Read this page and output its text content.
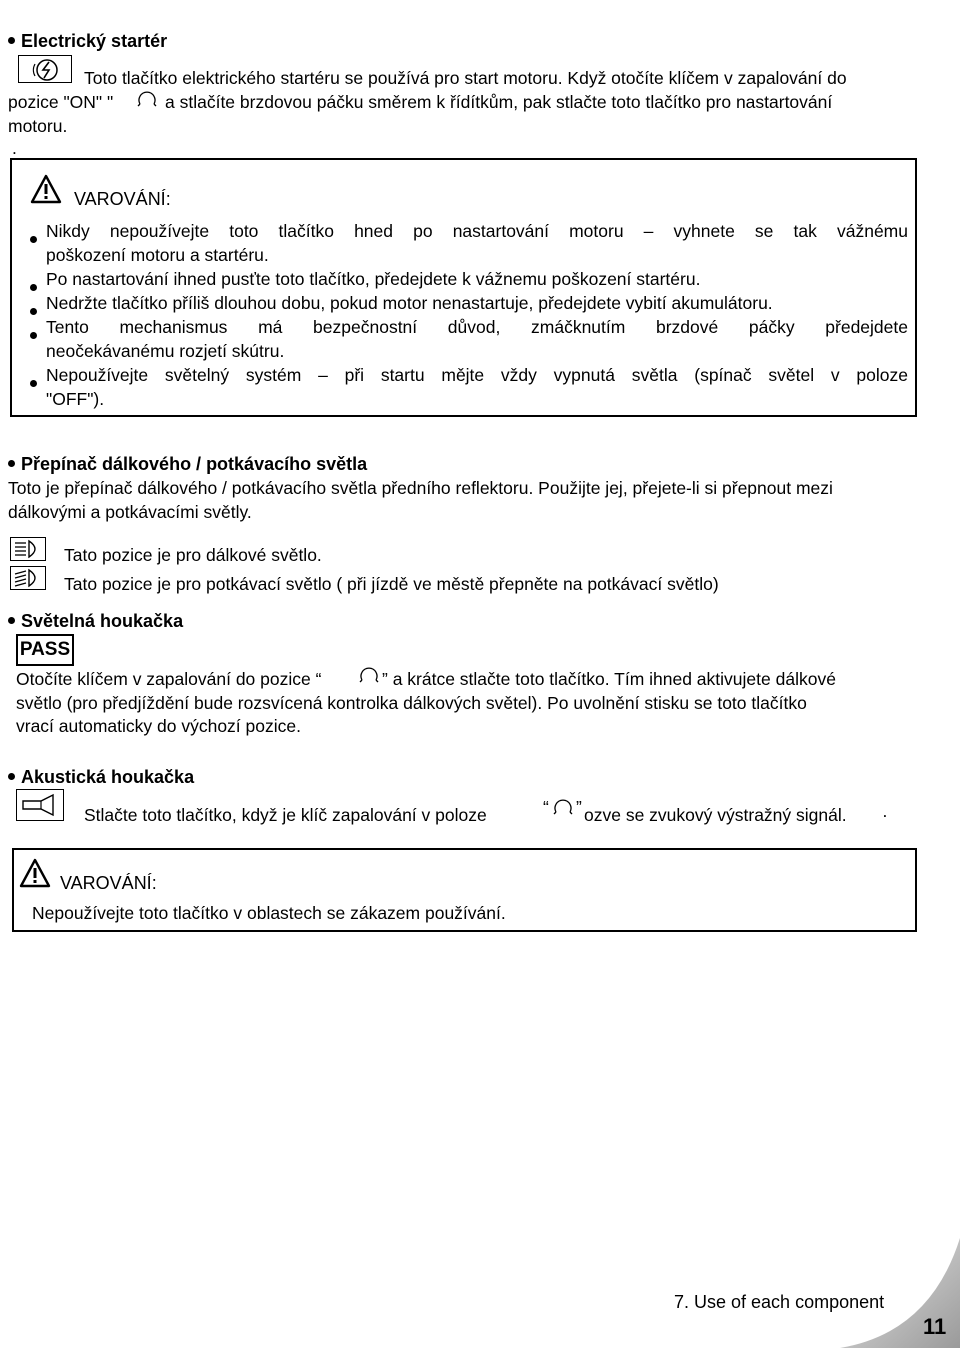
Electrický startér
Toto tlačítko elektrického startéru se používá pro start motoru. Když otočíte klíčem v zapalování do
pozice "ON" "	a stlačíte brzdovou páčku směrem k řídítkům, pak stlačte toto tlačítko pro nastartování
motoru.
.
VAROVÁNÍ:
Nikdy nepoužívejte toto tlačítko hned po nastartování motoru – vyhnete se tak vážnému
poškození motoru a startéru.
Po nastartování ihned pusťte toto tlačítko, předejdete k vážnemu poškození startéru.
Nedržte tlačítko příliš dlouhou dobu, pokud motor nenastartuje, předejdete vybití akumulátoru.
Tento mechanismus má bezpečnostní důvod, zmáčknutím brzdové páčky předejdete
neočekávanému rozjetí skútru.
Nepoužívejte světelný systém – při startu mějte vždy vypnutá světla (spínač světel v poloze
"OFF").
Přepínač dálkového / potkávacího světla
Toto je přepínač dálkového / potkávacího světla předního reflektoru. Použijte jej, přejete-li si přepnout mezi
dálkovými a potkávacími světly.
Tato pozice je pro dálkové světlo.
Tato pozice je pro potkávací světlo ( při jízdě ve městě přepněte na potkávací světlo)
Světelná houkačka
PASS
Otočíte klíčem v zapalování do pozice “	” a krátce stlačte toto tlačítko. Tím ihned aktivujete dálkové
světlo (pro předjíždění bude rozsvícená kontrolka dálkových světel). Po uvolnění stisku se toto tlačítko
vrací automaticky do výchozí pozice.
Akustická houkačka
Stlačte toto tlačítko, když je klíč zapalování v poloze	“ ” ozve se zvukový výstražný signál. ·
VAROVÁNÍ:
Nepoužívejte toto tlačítko v oblastech se zákazem používání.
7. Use of each component
11
